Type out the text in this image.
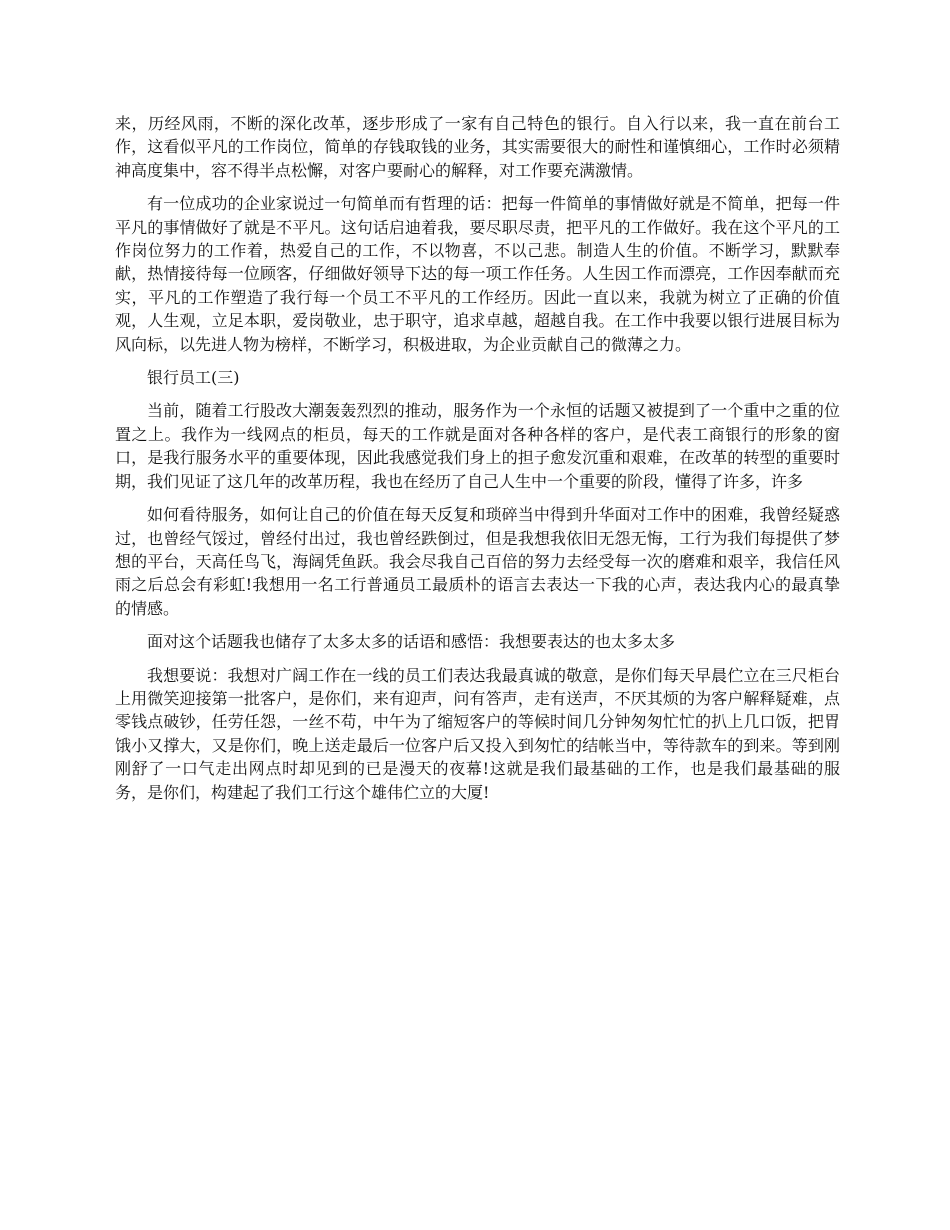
来，历经风雨，不断的深化改革，逐步形成了一家有自己特色的银行。自入行以来，我一直在前台工作，这看似平凡的工作岗位，简单的存钱取钱的业务，其实需要很大的耐性和谨慎细心，工作时必须精神高度集中，容不得半点松懈，对客户要耐心的解释，对工作要充满激情。

有一位成功的企业家说过一句简单而有哲理的话：把每一件简单的事情做好就是不简单，把每一件平凡的事情做好了就是不平凡。这句话启迪着我，要尽职尽责，把平凡的工作做好。我在这个平凡的工作岗位努力的工作着，热爱自己的工作，不以物喜，不以己悲。制造人生的价值。不断学习，默默奉献，热情接待每一位顾客，仔细做好领导下达的每一项工作任务。人生因工作而漂亮，工作因奉献而充实，平凡的工作塑造了我行每一个员工不平凡的工作经历。因此一直以来，我就为树立了正确的价值观，人生观，立足本职，爱岗敬业，忠于职守，追求卓越，超越自我。在工作中我要以银行进展目标为风向标，以先进人物为榜样，不断学习，积极进取，为企业贡献自己的微薄之力。

银行员工(三)

当前，随着工行股改大潮轰轰烈烈的推动，服务作为一个永恒的话题又被提到了一个重中之重的位置之上。我作为一线网点的柜员，每天的工作就是面对各种各样的客户，是代表工商银行的形象的窗口，是我行服务水平的重要体现，因此我感觉我们身上的担子愈发沉重和艰难，在改革的转型的重要时期，我们见证了这几年的改革历程，我也在经历了自己人生中一个重要的阶段，懂得了许多，许多

如何看待服务，如何让自己的价值在每天反复和琐碎当中得到升华面对工作中的困难，我曾经疑惑过，也曾经气馁过，曾经付出过，我也曾经跌倒过，但是我想我依旧无怨无悔，工行为我们每提供了梦想的平台，天高任鸟飞，海阔凭鱼跃。我会尽我自己百倍的努力去经受每一次的磨难和艰辛，我信任风雨之后总会有彩虹!我想用一名工行普通员工最质朴的语言去表达一下我的心声，表达我内心的最真挚的情感。

面对这个话题我也储存了太多太多的话语和感悟：我想要表达的也太多太多

我想要说：我想对广阔工作在一线的员工们表达我最真诚的敬意，是你们每天早晨伫立在三尺柜台上用微笑迎接第一批客户，是你们，来有迎声，问有答声，走有送声，不厌其烦的为客户解释疑难，点零钱点破钞，任劳任怨，一丝不苟，中午为了缩短客户的等候时间几分钟匆匆忙忙的扒上几口饭，把胃饿小又撑大，又是你们，晚上送走最后一位客户后又投入到匆忙的结帐当中，等待款车的到来。等到刚刚舒了一口气走出网点时却见到的已是漫天的夜幕!这就是我们最基础的工作，也是我们最基础的服务，是你们，构建起了我们工行这个雄伟伫立的大厦!
